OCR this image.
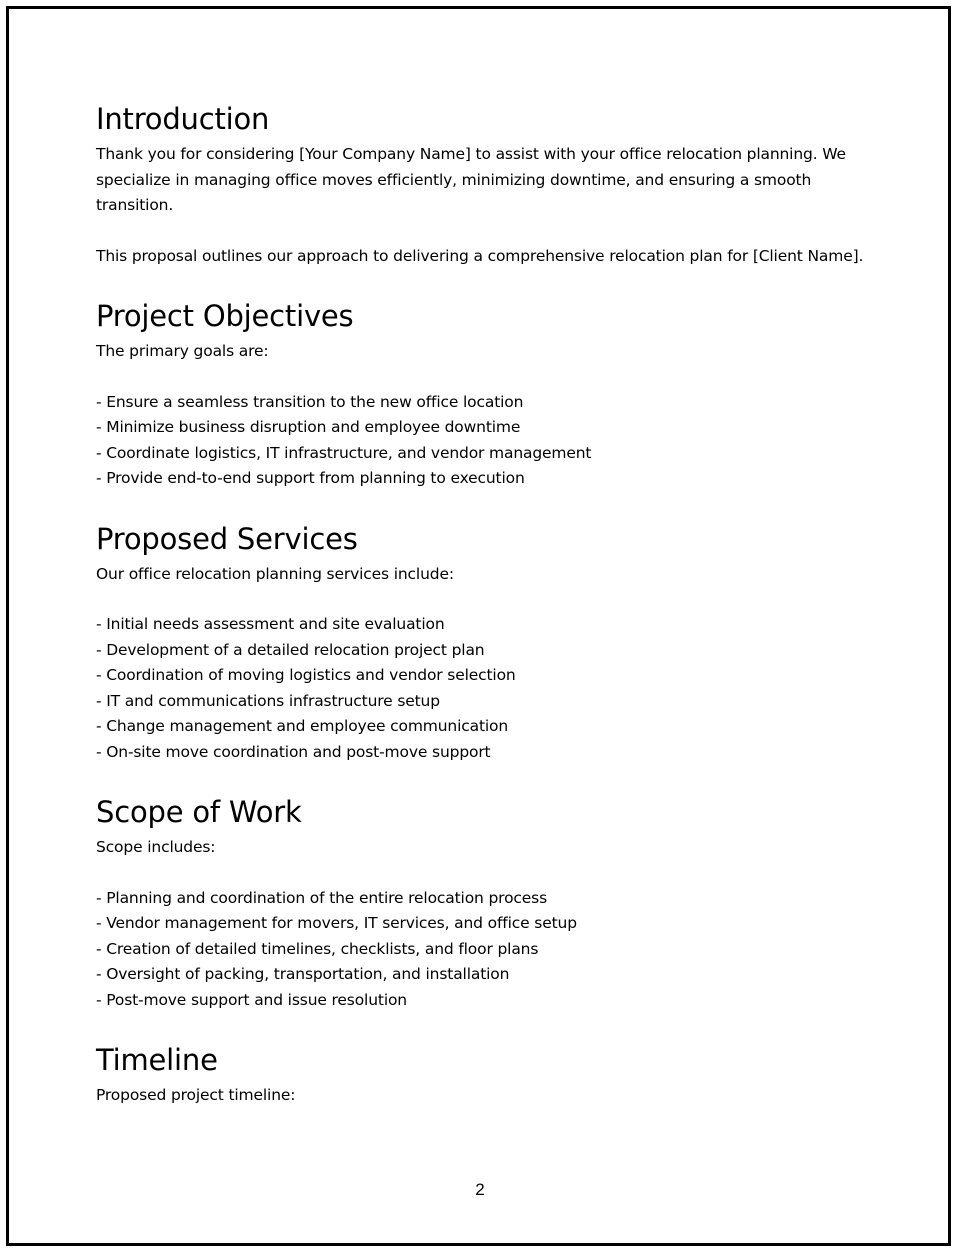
Introduction

Thank you for considering [Your Company Name] to assist with your office relocation planning. We specialize in managing office moves efficiently, minimizing downtime, and ensuring a smooth transition.

This proposal outlines our approach to delivering a comprehensive relocation plan for [Client Name].

Project Objectives

The primary goals are:

- Ensure a seamless transition to the new office location
- Minimize business disruption and employee downtime
- Coordinate logistics, IT infrastructure, and vendor management
- Provide end-to-end support from planning to execution
Proposed Services

Our office relocation planning services include:

- Initial needs assessment and site evaluation
- Development of a detailed relocation project plan
- Coordination of moving logistics and vendor selection
- IT and communications infrastructure setup
- Change management and employee communication
- On-site move coordination and post-move support
Scope of Work

Scope includes:

- Planning and coordination of the entire relocation process
- Vendor management for movers, IT services, and office setup
- Creation of detailed timelines, checklists, and floor plans
- Oversight of packing, transportation, and installation
- Post-move support and issue resolution
Timeline

Proposed project timeline:

2
